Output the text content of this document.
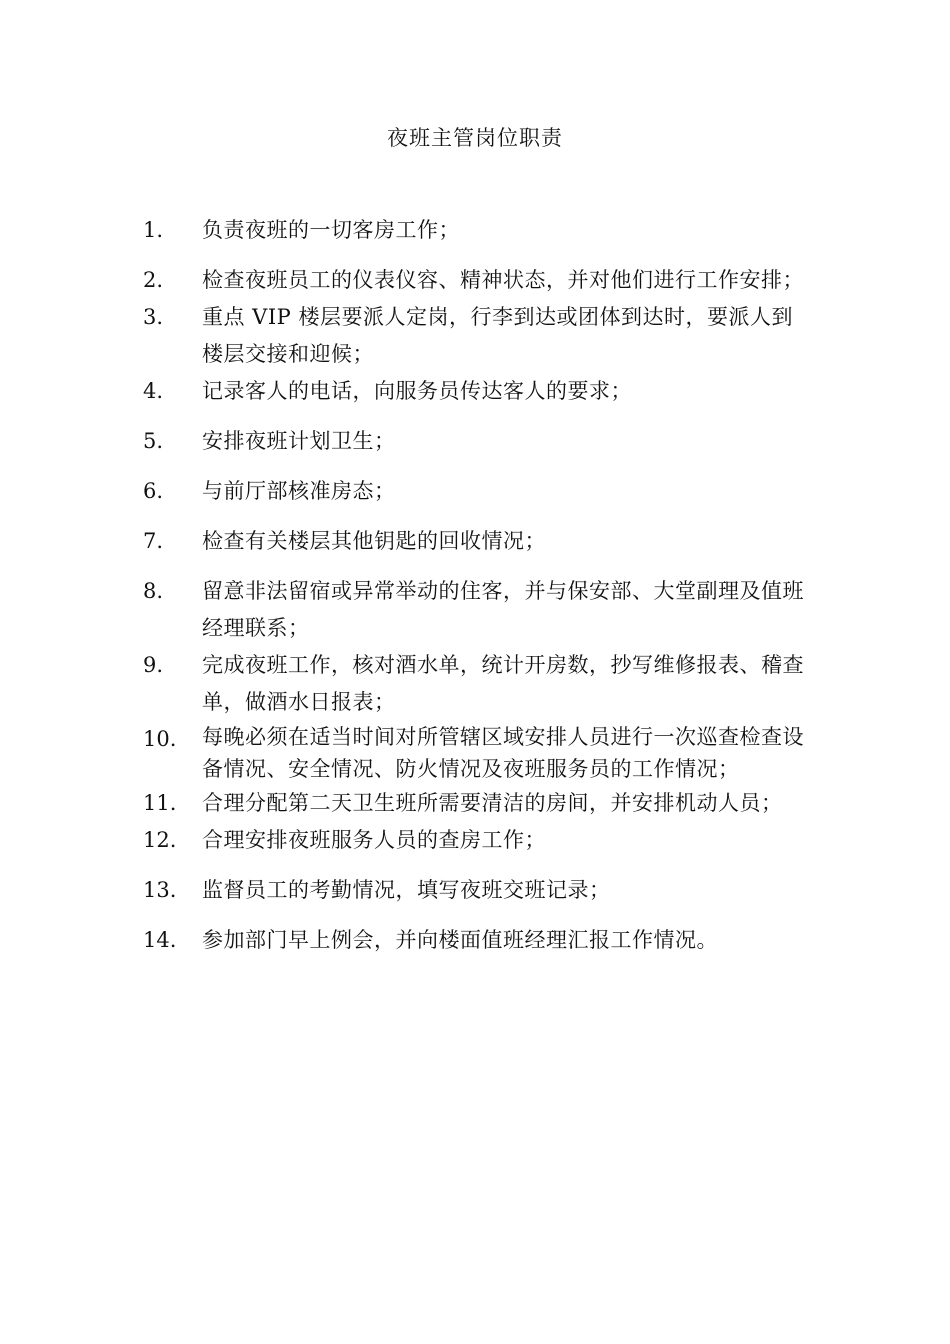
夜班主管岗位职责
1.	负责夜班的一切客房工作；
2.	检查夜班员工的仪表仪容、精神状态，并对他们进行工作安排；
3.	重点 VIP 楼层要派人定岗，行李到达或团体到达时，要派人到楼层交接和迎候；
4.	记录客人的电话，向服务员传达客人的要求；
5.	安排夜班计划卫生；
6.	与前厅部核准房态；
7.	检查有关楼层其他钥匙的回收情况；
8.	留意非法留宿或异常举动的住客，并与保安部、大堂副理及值班经理联系；
9.	完成夜班工作，核对酒水单，统计开房数，抄写维修报表、稽查单，做酒水日报表；
10.	每晚必须在适当时间对所管辖区域安排人员进行一次巡查检查设备情况、安全情况、防火情况及夜班服务员的工作情况；
11.	合理分配第二天卫生班所需要清洁的房间，并安排机动人员；
12.	合理安排夜班服务人员的查房工作；
13.	监督员工的考勤情况，填写夜班交班记录；
14.	参加部门早上例会，并向楼面值班经理汇报工作情况。
